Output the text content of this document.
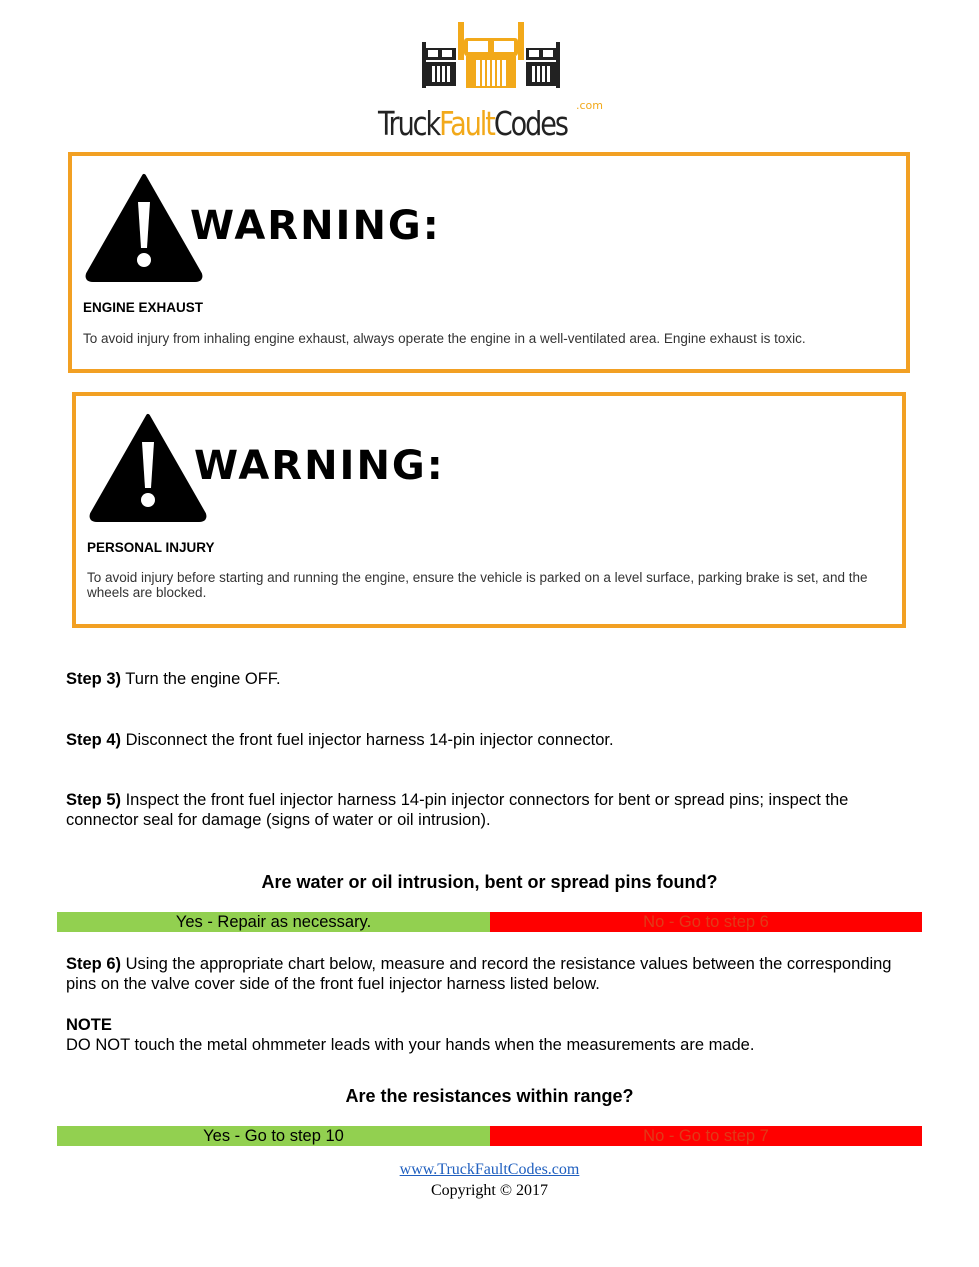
.com
TruckFaultCodes
WARNING:
ENGINE EXHAUST
To avoid injury from inhaling engine exhaust, always operate the engine in a well-ventilated area. Engine exhaust is toxic.
WARNING:
PERSONAL INJURY
To avoid injury before starting and running the engine, ensure the vehicle is parked on a level surface, parking brake is set, and the wheels are blocked.
Step 3) Turn the engine OFF.
Step 4) Disconnect the front fuel injector harness 14-pin injector connector.
Step 5) Inspect the front fuel injector harness 14-pin injector connectors for bent or spread pins; inspect the connector seal for damage (signs of water or oil intrusion).
Are water or oil intrusion, bent or spread pins found?
Yes - Repair as necessary.	No - Go to step 6
Step 6) Using the appropriate chart below, measure and record the resistance values between the corresponding pins on the valve cover side of the front fuel injector harness listed below.
NOTE
DO NOT touch the metal ohmmeter leads with your hands when the measurements are made.
Are the resistances within range?
Yes - Go to step 10	No - Go to step 7
www.TruckFaultCodes.com
Copyright © 2017
